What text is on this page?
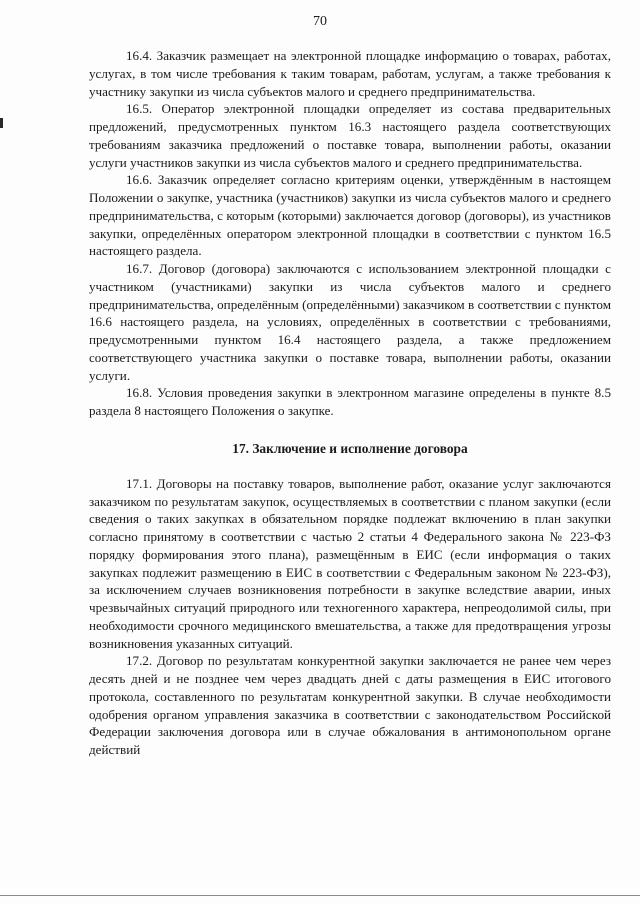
70

16.4. Заказчик размещает на электронной площадке информацию о товарах, работах, услугах, в том числе требования к таким товарам, работам, услугам, а также требования к участнику закупки из числа субъектов малого и среднего предпринимательства.

16.5. Оператор электронной площадки определяет из состава предварительных предложений, предусмотренных пунктом 16.3 настоящего раздела соответствующих требованиям заказчика предложений о поставке товара, выполнении работы, оказании услуги участников закупки из числа субъектов малого и среднего предпринимательства.

16.6. Заказчик определяет согласно критериям оценки, утверждённым в настоящем Положении о закупке, участника (участников) закупки из числа субъектов малого и среднего предпринимательства, с которым (которыми) заключается договор (договоры), из участников закупки, определённых оператором электронной площадки в соответствии с пунктом 16.5 настоящего раздела.

16.7. Договор (договора) заключаются с использованием электронной площадки с участником (участниками) закупки из числа субъектов малого и среднего предпринимательства, определённым (определёнными) заказчиком в соответствии с пунктом 16.6 настоящего раздела, на условиях, определённых в соответствии с требованиями, предусмотренными пунктом 16.4 настоящего раздела, а также предложением соответствующего участника закупки о поставке товара, выполнении работы, оказании услуги.

16.8. Условия проведения закупки в электронном магазине определены в пункте 8.5 раздела 8 настоящего Положения о закупке.

17. Заключение и исполнение договора

17.1. Договоры на поставку товаров, выполнение работ, оказание услуг заключаются заказчиком по результатам закупок, осуществляемых в соответствии с планом закупки (если сведения о таких закупках в обязательном порядке подлежат включению в план закупки согласно принятому в соответствии с частью 2 статьи 4 Федерального закона № 223-ФЗ порядку формирования этого плана), размещённым в ЕИС (если информация о таких закупках подлежит размещению в ЕИС в соответствии с Федеральным законом № 223-ФЗ), за исключением случаев возникновения потребности в закупке вследствие аварии, иных чрезвычайных ситуаций природного или техногенного характера, непреодолимой силы, при необходимости срочного медицинского вмешательства, а также для предотвращения угрозы возникновения указанных ситуаций.

17.2. Договор по результатам конкурентной закупки заключается не ранее чем через десять дней и не позднее чем через двадцать дней с даты размещения в ЕИС итогового протокола, составленного по результатам конкурентной закупки. В случае необходимости одобрения органом управления заказчика в соответствии с законодательством Российской Федерации заключения договора или в случае обжалования в антимонопольном органе действий
